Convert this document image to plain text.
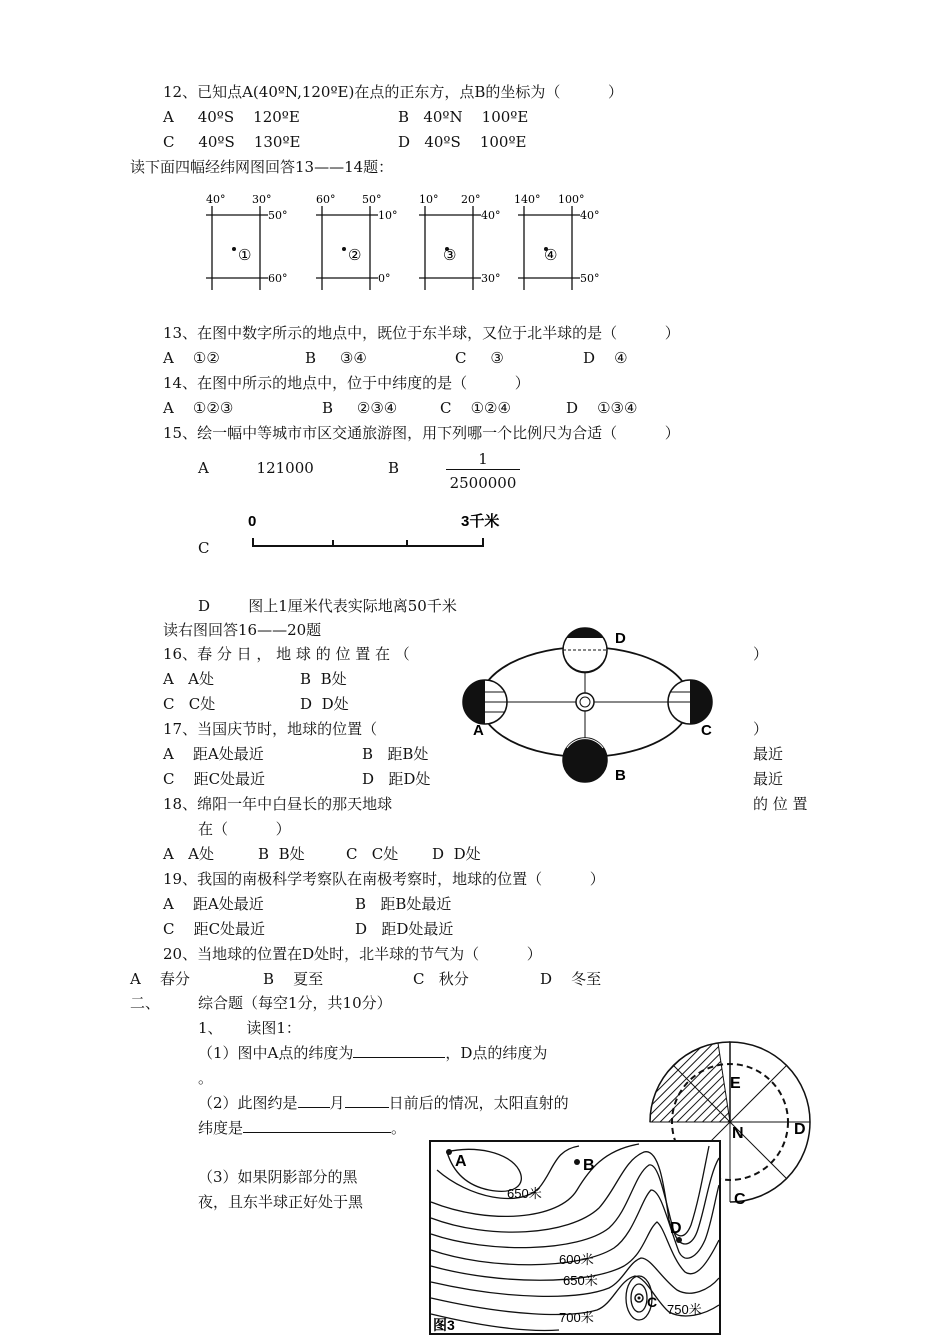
12、已知点A(40ºN,120ºE)在点的正东方，点B的坐标为（          ）
A 40ºS    120ºE	B 40ºN    100ºE
C 40ºS    130ºE	D 40ºS    100ºE
读下面四幅经纬网图回答13——14题：
40° 30°
50°
60°
①
60° 50°
10°
0°
②
10° 20°
40°
30°
③
140° 100°
40°
50°
④
13、在图中数字所示的地点中，既位于东半球，又位于北半球的是（          ）
A ①②	B ③④	C ③	D ④
14、在图中所示的地点中，位于中纬度的是（          ）
A ①②③	B ②③④	C ①②④	D ①③④
15、绘一幅中等城市市区交通旅游图，用下列哪一个比例尺为合适（          ）
A	121000	B	1
2500000
0	3千米
C
D	图上1厘米代表实际地离50千米
读右图回答16——20题	D
A	C
B
16、春 分 日 ， 地 球 的 位 置 在 （	）
A A处	B B处
C C处	D D处
17、当国庆节时，地球的位置（	）
A 距A处最近	B 距B处	最近
C 距C处最近	D 距D处	最近
18、绵阳一年中白昼长的那天地球	的 位 置
在（          ）
A A处	B B处	C C处 D D处
19、我国的南极科学考察队在南极考察时，地球的位置（          ）
A 距A处最近	B 距B处最近
C 距C处最近	D 距D处最近
20、当地球的位置在D处时，北半球的节气为（          ）
A 春分	B 夏至	C 秋分	D 冬至
二、	综合题（每空1分，共10分）
1、     读图1：
（1）图中A点的纬度为	，D点的纬度为
。
（2）此图约是 月	日前后的情况，太阳直射的
纬度是	。
（3）如果阴影部分的黑
夜，且东半球正好处于黑
E
N	D
C
A	B
D
C
650米
600米
650米
700米
750米
图3
